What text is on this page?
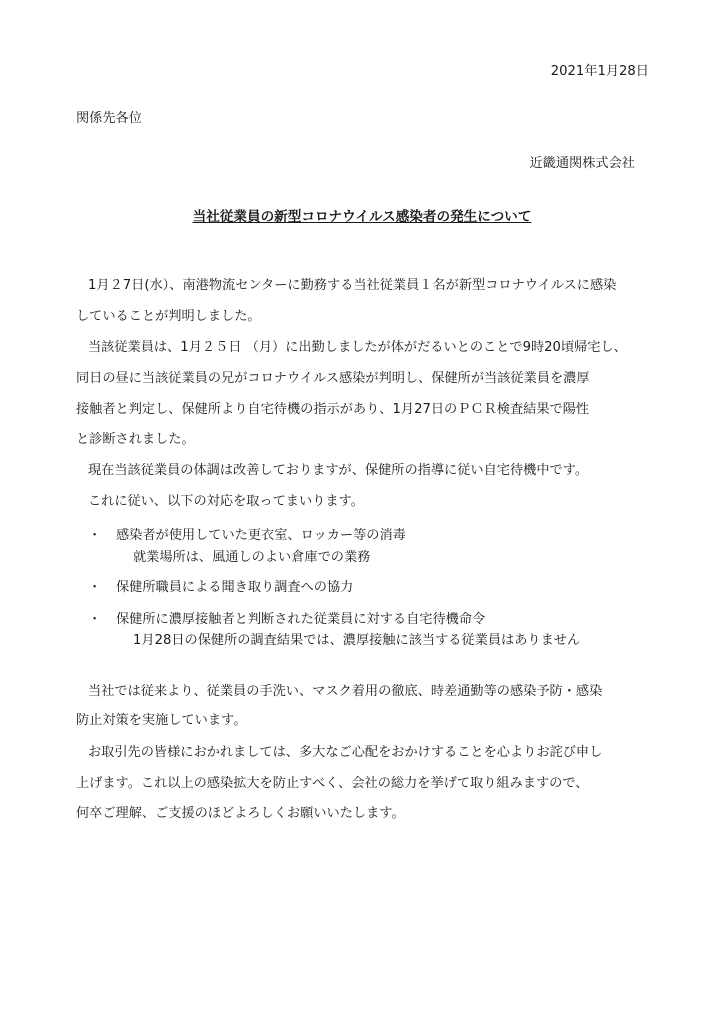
2021年1月28日
関係先各位
近畿通関株式会社
当社従業員の新型コロナウイルス感染者の発生について
1月２7日(水）、南港物流センターに勤務する当社従業員１名が新型コロナウイルスに感染
していることが判明しました。
当該従業員は、1月２５日 （月）に出勤しましたが体がだるいとのことで9時20頃帰宅し、
同日の昼に当該従業員の兄がコロナウイルス感染が判明し、保健所が当該従業員を濃厚
接触者と判定し、保健所より自宅待機の指示があり、1月27日のＰＣＲ検査結果で陽性
と診断されました。
現在当該従業員の体調は改善しておりますが、保健所の指導に従い自宅待機中です。
これに従い、以下の対応を取ってまいります。
・ 感染者が使用していた更衣室、ロッカー等の消毒
就業場所は、風通しのよい倉庫での業務
・ 保健所職員による聞き取り調査への協力
・ 保健所に濃厚接触者と判断された従業員に対する自宅待機命令
1月28日の保健所の調査結果では、濃厚接触に該当する従業員はありません
当社では従来より、従業員の手洗い、マスク着用の徹底、時差通勤等の感染予防・感染
防止対策を実施しています。
お取引先の皆様におかれましては、多大なご心配をおかけすることを心よりお詫び申し
上げます。これ以上の感染拡大を防止すべく、会社の総力を挙げて取り組みますので、
何卒ご理解、ご支援のほどよろしくお願いいたします。
